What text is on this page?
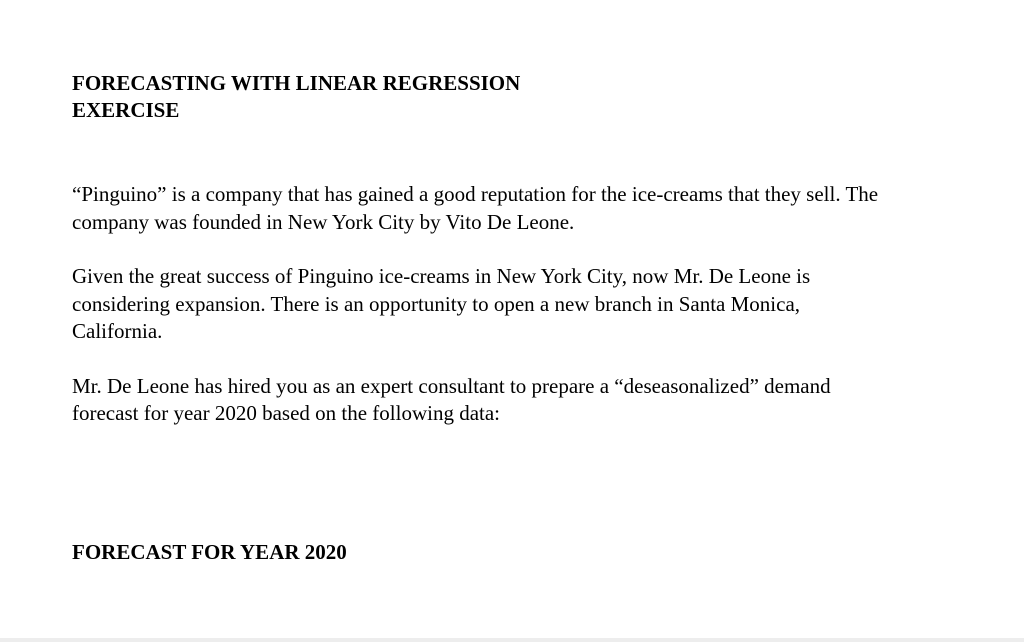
FORECASTING WITH LINEAR REGRESSION

EXERCISE

“Pinguino” is a company that has gained a good reputation for the ice-creams that they sell. The
company was founded in New York City by Vito De Leone.

Given the great success of Pinguino ice-creams in New York City, now Mr. De Leone is
considering expansion. There is an opportunity to open a new branch in Santa Monica,
California.

Mr. De Leone has hired you as an expert consultant to prepare a “deseasonalized” demand
forecast for year 2020 based on the following data:

FORECAST FOR YEAR 2020
